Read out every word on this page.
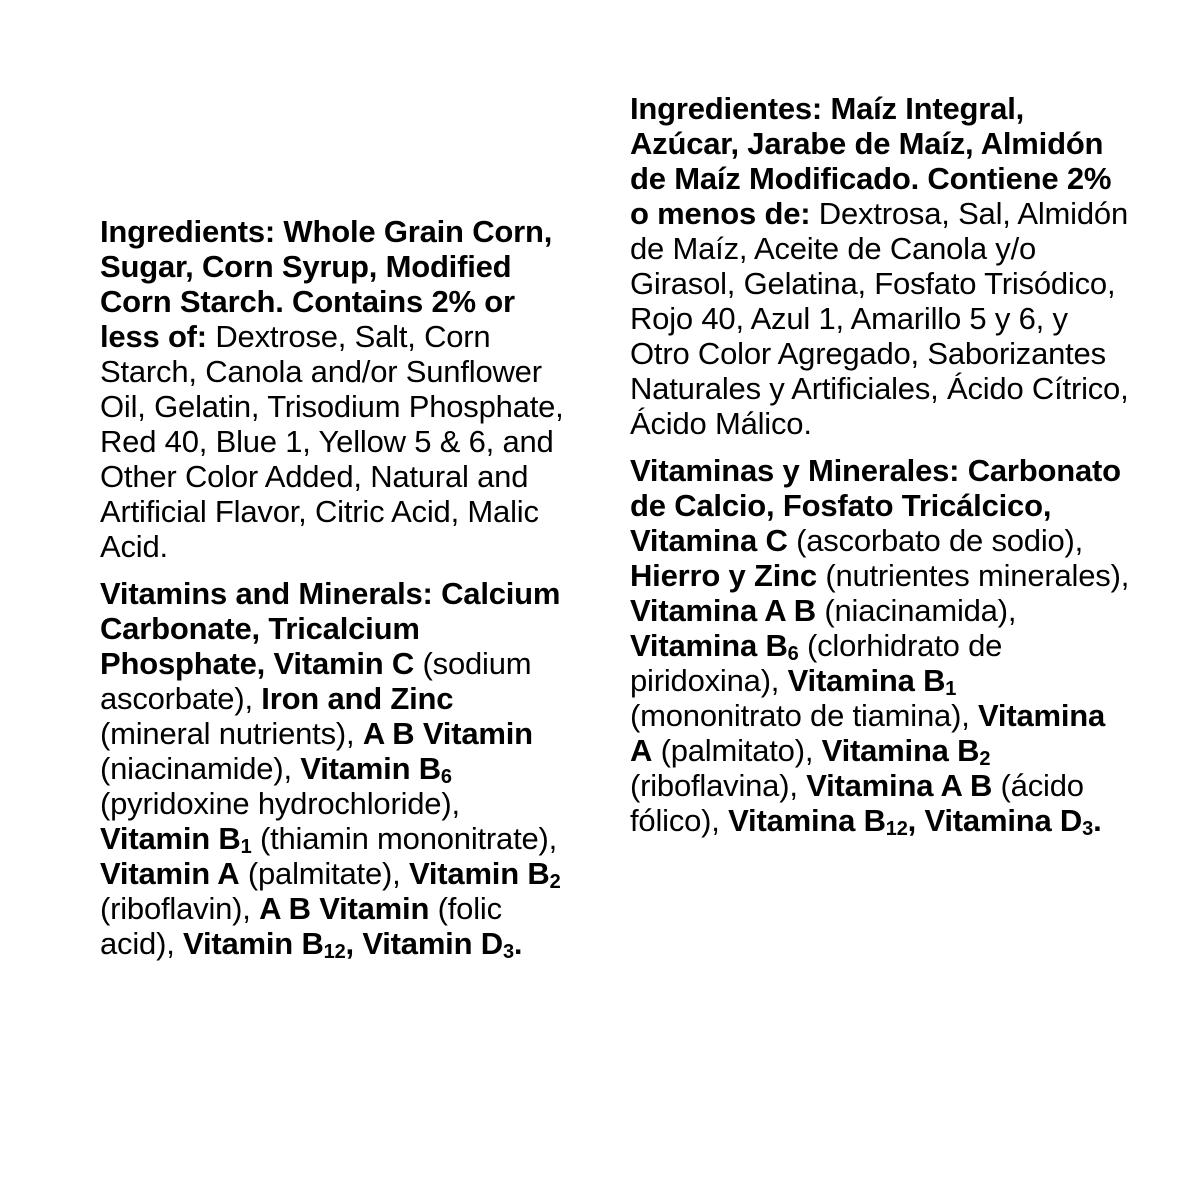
Ingredients: Whole Grain Corn, Sugar, Corn Syrup, Modified Corn Starch. Contains 2% or less of: Dextrose, Salt, Corn Starch, Canola and/or Sunflower Oil, Gelatin, Trisodium Phosphate, Red 40, Blue 1, Yellow 5 & 6, and Other Color Added, Natural and Artificial Flavor, Citric Acid, Malic Acid.

Vitamins and Minerals: Calcium Carbonate, Tricalcium Phosphate, Vitamin C (sodium ascorbate), Iron and Zinc (mineral nutrients), A B Vitamin (niacinamide), Vitamin $B_6$ (pyridoxine hydrochloride), Vitamin $B_1$ (thiamin mononitrate), Vitamin A (palmitate), Vitamin $B_2$ (riboflavin), A B Vitamin (folic acid), Vitamin $B_{12}$, Vitamin $D_3$.

Ingredientes: Maíz Integral, Azúcar, Jarabe de Maíz, Almidón de Maíz Modificado. Contiene 2% o menos de: Dextrosa, Sal, Almidón de Maíz, Aceite de Canola y/o Girasol, Gelatina, Fosfato Trisódico, Rojo 40, Azul 1, Amarillo 5 y 6, y Otro Color Agregado, Saborizantes Naturales y Artificiales, Ácido Cítrico, Ácido Málico.

Vitaminas y Minerales: Carbonato de Calcio, Fosfato Tricálcico, Vitamina C (ascorbato de sodio), Hierro y Zinc (nutrientes minerales), Vitamina A B (niacinamida), Vitamina $B_6$ (clorhidrato de piridoxina), Vitamina $B_1$ (mononitrato de tiamina), Vitamina A (palmitato), Vitamina $B_2$ (riboflavina), Vitamina A B (ácido fólico), Vitamina $B_{12}$, Vitamina $D_3$.
